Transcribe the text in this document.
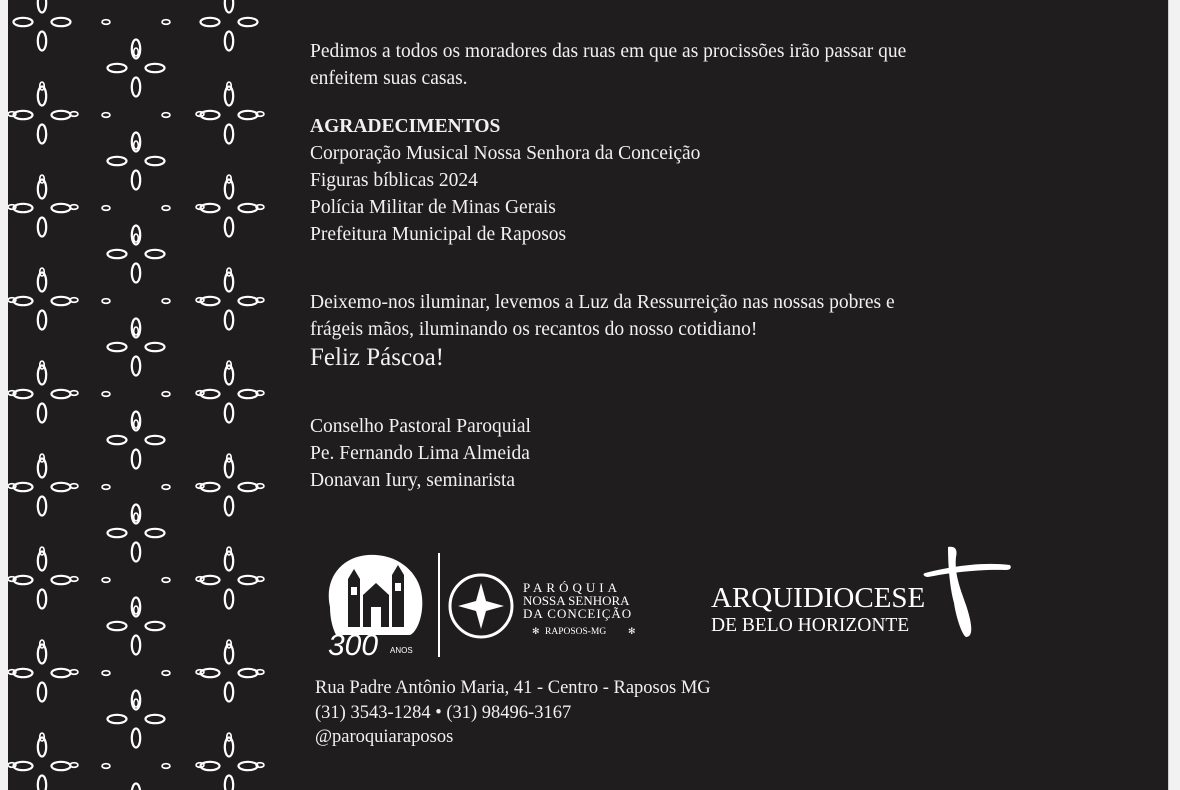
Pedimos a todos os moradores das ruas em que as procissões irão passar que
enfeitem suas casas.

AGRADECIMENTOS
Corporação Musical Nossa Senhora da Conceição
Figuras bíblicas 2024
Polícia Militar de Minas Gerais
Prefeitura Municipal de Raposos
Deixemo-nos iluminar, levemos a Luz da Ressurreição nas nossas pobres e
frágeis mãos, iluminando os recantos do nosso cotidiano!
Feliz Páscoa!
Conselho Pastoral Paroquial
Pe. Fernando Lima Almeida
Donavan Iury, seminarista
300 ANOS
PARÓQUIA
NOSSA SENHORA
DA CONCEIÇÃO
✻ RAPOSOS-MG ✻
ARQUIDIOCESE
DE BELO HORIZONTE
Rua Padre Antônio Maria, 41 - Centro - Raposos MG
(31) 3543-1284 • (31) 98496-3167
@paroquiaraposos
